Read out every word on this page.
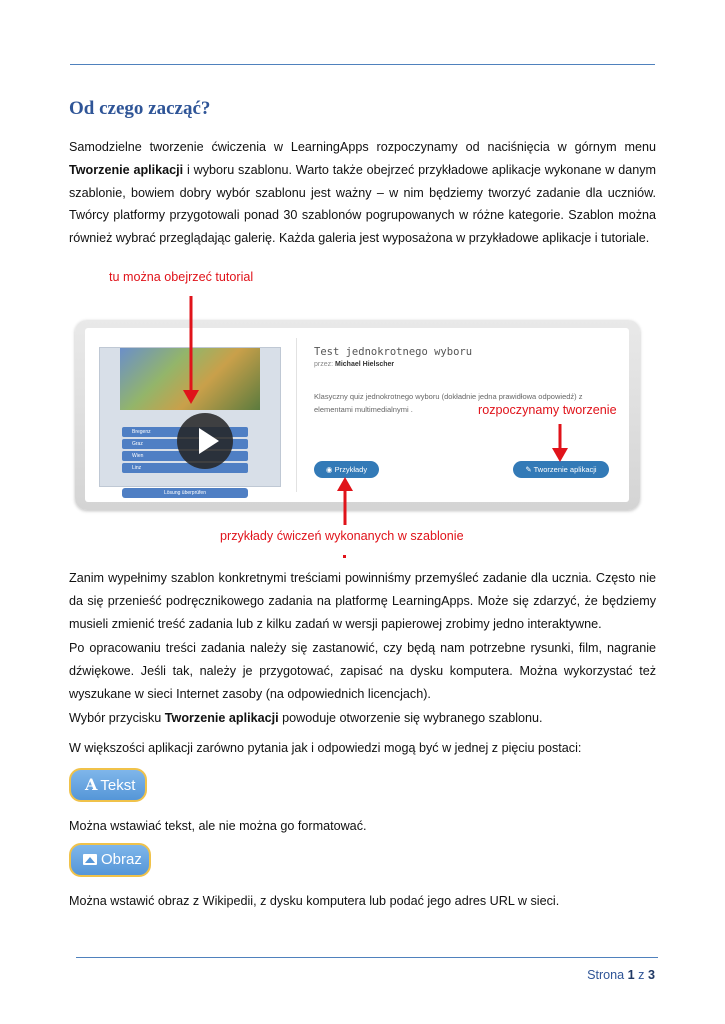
Od czego zacząć?

Samodzielne tworzenie ćwiczenia w LearningApps rozpoczynamy od naciśnięcia w górnym menu Tworzenie aplikacji i wyboru szablonu. Warto także obejrzeć przykładowe aplikacje wykonane w danym szablonie, bowiem dobry wybór szablonu jest ważny – w nim będziemy tworzyć zadanie dla uczniów. Twórcy platformy przygotowali ponad 30 szablonów pogrupowanych w różne kategorie. Szablon można również wybrać przeglądając galerię. Każda galeria jest wyposażona w przykładowe aplikacje i tutoriale.

tu można obejrzeć tutorial
Bregenz
Graz
Wien
Linz
Lösung überprüfen
Test jednokrotnego wyboru
przez: Michael Hielscher
Klasyczny quiz jednokrotnego wyboru (dokładnie jedna prawidłowa odpowiedź) z elementami multimedialnymi .
◉ Przykłady	✎ Tworzenie aplikacji
rozpoczynamy tworzenie
przykłady ćwiczeń wykonanych w szablonie

Zanim wypełnimy szablon konkretnymi treściami powinniśmy przemyśleć zadanie dla ucznia. Często nie da się przenieść podręcznikowego zadania na platformę LearningApps. Może się zdarzyć, że będziemy musieli zmienić treść zadania lub z kilku zadań w wersji papierowej zrobimy jedno interaktywne.

Po opracowaniu treści zadania należy się zastanowić, czy będą nam potrzebne rysunki, film, nagranie dźwiękowe. Jeśli tak, należy je przygotować, zapisać na dysku komputera. Można wykorzystać też wyszukane w sieci Internet zasoby (na odpowiednich licencjach).

Wybór przycisku Tworzenie aplikacji powoduje otworzenie się wybranego szablonu.

W większości aplikacji zarówno pytania jak i odpowiedzi mogą być w jednej z pięciu postaci:

A Tekst

Można wstawiać tekst, ale nie można go formatować.

Obraz

Można wstawić obraz z Wikipedii, z dysku komputera lub podać jego adres URL w sieci.

Strona 1 z 3
